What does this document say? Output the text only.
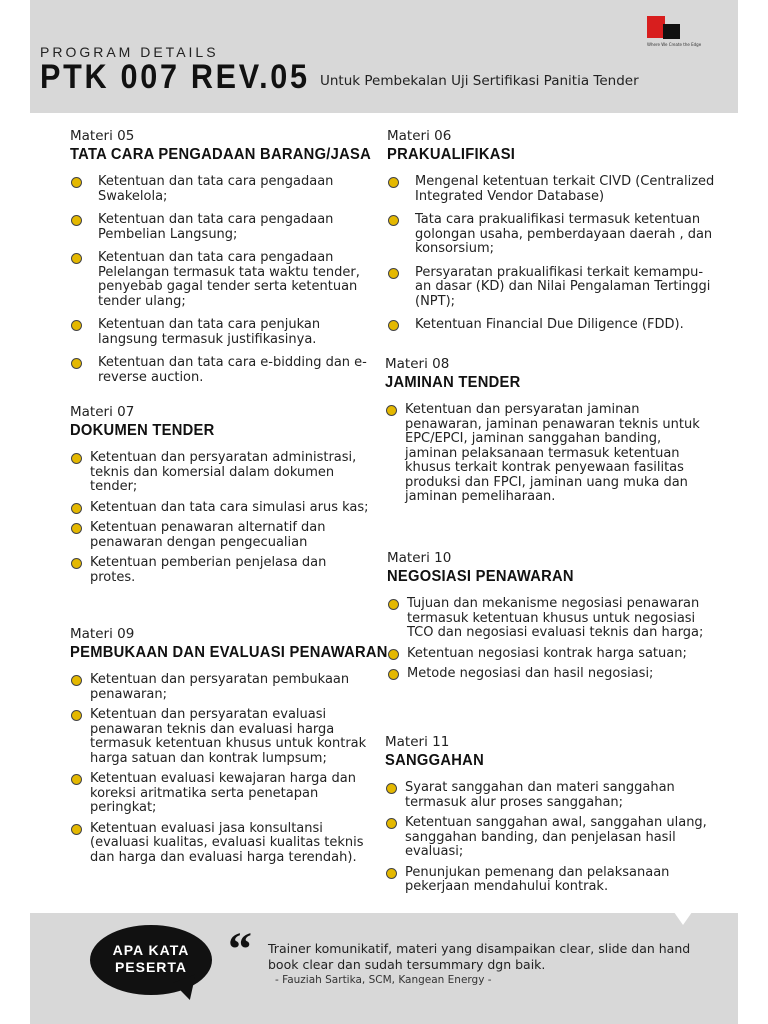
PROGRAM DETAILS
PTK 007 REV.05 Untuk Pembekalan Uji Sertifikasi Panitia Tender
Where We Create the Edge
Materi 05
TATA CARA PENGADAAN BARANG/JASA
Ketentuan dan tata cara pengadaan Swakelola;
Ketentuan dan tata cara pengadaan Pembelian Langsung;
Ketentuan dan tata cara pengadaan Pelelangan termasuk tata waktu tender, penyebab gagal tender serta ketentuan tender ulang;
Ketentuan dan tata cara penjukan langsung termasuk justifikasinya.
Ketentuan dan tata cara e-bidding dan e-reverse auction.
Materi 07
DOKUMEN TENDER
Ketentuan dan persyaratan administrasi, teknis dan komersial dalam dokumen tender;
Ketentuan dan tata cara simulasi arus kas;
Ketentuan penawaran alternatif dan penawaran dengan pengecualian
Ketentuan pemberian penjelasa dan protes.
Materi 09
PEMBUKAAN DAN EVALUASI PENAWARAN
Ketentuan dan persyaratan pembukaan penawaran;
Ketentuan dan persyaratan evaluasi penawaran teknis dan evaluasi harga termasuk ketentuan khusus untuk kontrak harga satuan dan kontrak lumpsum;
Ketentuan evaluasi kewajaran harga dan koreksi aritmatika serta penetapan peringkat;
Ketentuan evaluasi jasa konsultansi (evaluasi kualitas, evaluasi kualitas teknis dan harga dan evaluasi harga terendah).
Materi 06
PRAKUALIFIKASI
Mengenal ketentuan terkait CIVD (Centralized Integrated Vendor Database)
Tata cara prakualifikasi termasuk ketentuan golongan usaha, pemberdayaan daerah , dan konsorsium;
Persyaratan prakualifikasi terkait kemampu-an dasar (KD) dan Nilai Pengalaman Tertinggi (NPT);
Ketentuan Financial Due Diligence (FDD).
Materi 08
JAMINAN TENDER
Ketentuan dan persyaratan jaminan penawaran, jaminan penawaran teknis untuk EPC/EPCI, jaminan sanggahan banding, jaminan pelaksanaan termasuk ketentuan khusus terkait kontrak penyewaan fasilitas produksi dan FPCI, jaminan uang muka dan jaminan pemeliharaan.
Materi 10
NEGOSIASI PENAWARAN
Tujuan dan mekanisme negosiasi penawaran termasuk ketentuan khusus untuk negosiasi TCO dan negosiasi evaluasi teknis dan harga;
Ketentuan negosiasi kontrak harga satuan;
Metode negosiasi dan hasil negosiasi;
Materi 11
SANGGAHAN
Syarat sanggahan dan materi sanggahan termasuk alur proses sanggahan;
Ketentuan sanggahan awal, sanggahan ulang, sanggahan banding, dan penjelasan hasil evaluasi;
Penunjukan pemenang dan pelaksanaan pekerjaan mendahului kontrak.
APA KATA PESERTA “ Trainer komunikatif, materi yang disampaikan clear, slide dan hand book clear dan sudah tersummary dgn baik.
- Fauziah Sartika, SCM, Kangean Energy -
